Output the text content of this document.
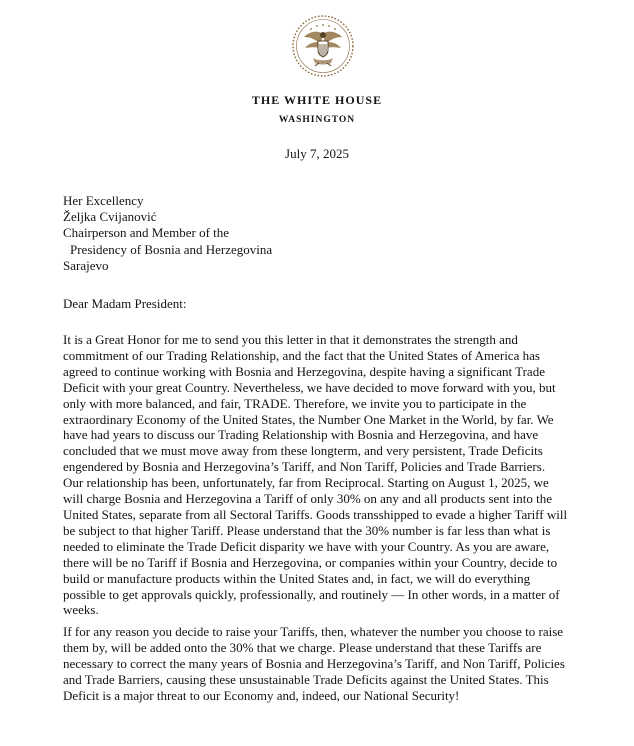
THE WHITE HOUSE
WASHINGTON
July 7, 2025
Her Excellency
Željka Cvijanović
Chairperson and Member of the
Presidency of Bosnia and Herzegovina
Sarajevo
Dear Madam President:

It is a Great Honor for me to send you this letter in that it demonstrates the strength and
commitment of our Trading Relationship, and the fact that the United States of America has
agreed to continue working with Bosnia and Herzegovina, despite having a significant Trade
Deficit with your great Country. Nevertheless, we have decided to move forward with you, but
only with more balanced, and fair, TRADE. Therefore, we invite you to participate in the
extraordinary Economy of the United States, the Number One Market in the World, by far. We
have had years to discuss our Trading Relationship with Bosnia and Herzegovina, and have
concluded that we must move away from these longterm, and very persistent, Trade Deficits
engendered by Bosnia and Herzegovina’s Tariff, and Non Tariff, Policies and Trade Barriers.
Our relationship has been, unfortunately, far from Reciprocal. Starting on August 1, 2025, we
will charge Bosnia and Herzegovina a Tariff of only 30% on any and all products sent into the
United States, separate from all Sectoral Tariffs. Goods transshipped to evade a higher Tariff will
be subject to that higher Tariff. Please understand that the 30% number is far less than what is
needed to eliminate the Trade Deficit disparity we have with your Country. As you are aware,
there will be no Tariff if Bosnia and Herzegovina, or companies within your Country, decide to
build or manufacture products within the United States and, in fact, we will do everything
possible to get approvals quickly, professionally, and routinely — In other words, in a matter of
weeks.

If for any reason you decide to raise your Tariffs, then, whatever the number you choose to raise
them by, will be added onto the 30% that we charge. Please understand that these Tariffs are
necessary to correct the many years of Bosnia and Herzegovina’s Tariff, and Non Tariff, Policies
and Trade Barriers, causing these unsustainable Trade Deficits against the United States. This
Deficit is a major threat to our Economy and, indeed, our National Security!
